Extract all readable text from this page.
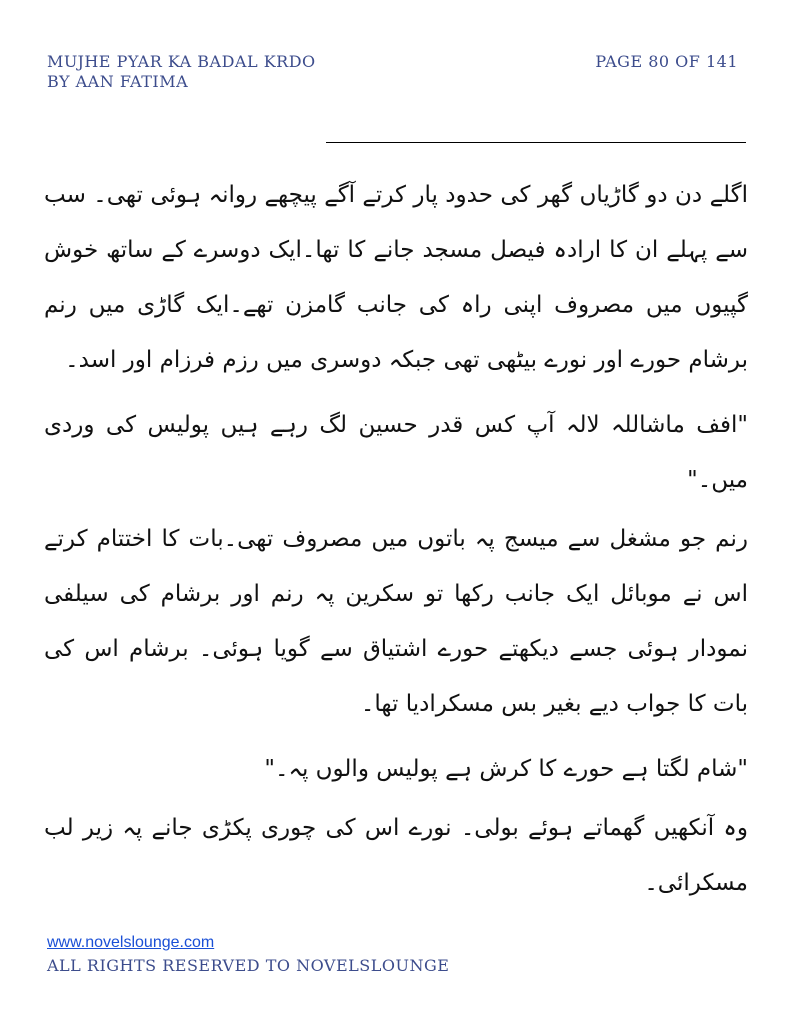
MUJHE PYAR KA BADAL KRDO
BY AAN FATIMA
PAGE 80 OF 141

اگلے دن دو گاڑیاں گھر کی حدود پار کرتے آگے پیچھے روانہ ہوئی تھی۔ سب سے پہلے ان کا ارادہ فیصل مسجد جانے کا تھا۔ایک دوسرے کے ساتھ خوش گپیوں میں مصروف اپنی راہ کی جانب گامزن تھے۔ایک گاڑی میں رنم برشام حورے اور نورے بیٹھی تھی جبکہ دوسری میں رزم فرزام اور اسد۔

"افف ماشاللہ لالہ آپ کس قدر حسین لگ رہے ہیں پولیس کی وردی میں۔"

رنم جو مشغل سے میسج پہ باتوں میں مصروف تھی۔بات کا اختتام کرتے اس نے موبائل ایک جانب رکھا تو سکرین پہ رنم اور برشام کی سیلفی نمودار ہوئی جسے دیکھتے حورے اشتیاق سے گویا ہوئی۔ برشام اس کی بات کا جواب دیے بغیر بس مسکرادیا تھا۔

"شام لگتا ہے حورے کا کرش ہے پولیس والوں پہ۔"

وہ آنکھیں گھماتے ہوئے بولی۔ نورے اس کی چوری پکڑی جانے پہ زیر لب مسکرائی۔

www.novelslounge.com
ALL RIGHTS RESERVED TO NOVELSLOUNGE
